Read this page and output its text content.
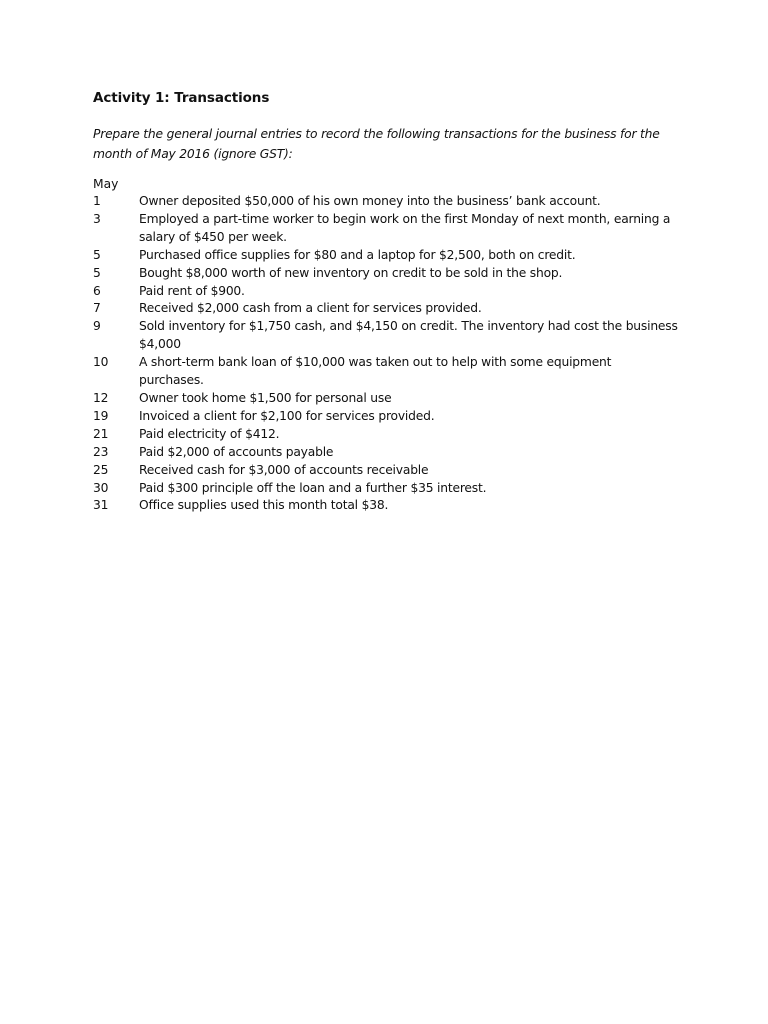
Activity 1: Transactions

Prepare the general journal entries to record the following transactions for the business for the month of May 2016 (ignore GST):

May

1	Owner deposited $50,000 of his own money into the business’ bank account.
3	Employed a part-time worker to begin work on the first Monday of next month, earning a salary of $450 per week.
5	Purchased office supplies for $80 and a laptop for $2,500, both on credit.
5	Bought $8,000 worth of new inventory on credit to be sold in the shop.
6	Paid rent of $900.
7	Received $2,000 cash from a client for services provided.
9	Sold inventory for $1,750 cash, and $4,150 on credit. The inventory had cost the business $4,000
10	A short-term bank loan of $10,000 was taken out to help with some equipment purchases.
12	Owner took home $1,500 for personal use
19	Invoiced a client for $2,100 for services provided.
21	Paid electricity of $412.
23	Paid $2,000 of accounts payable
25	Received cash for $3,000 of accounts receivable
30	Paid $300 principle off the loan and a further $35 interest.
31	Office supplies used this month total $38.
